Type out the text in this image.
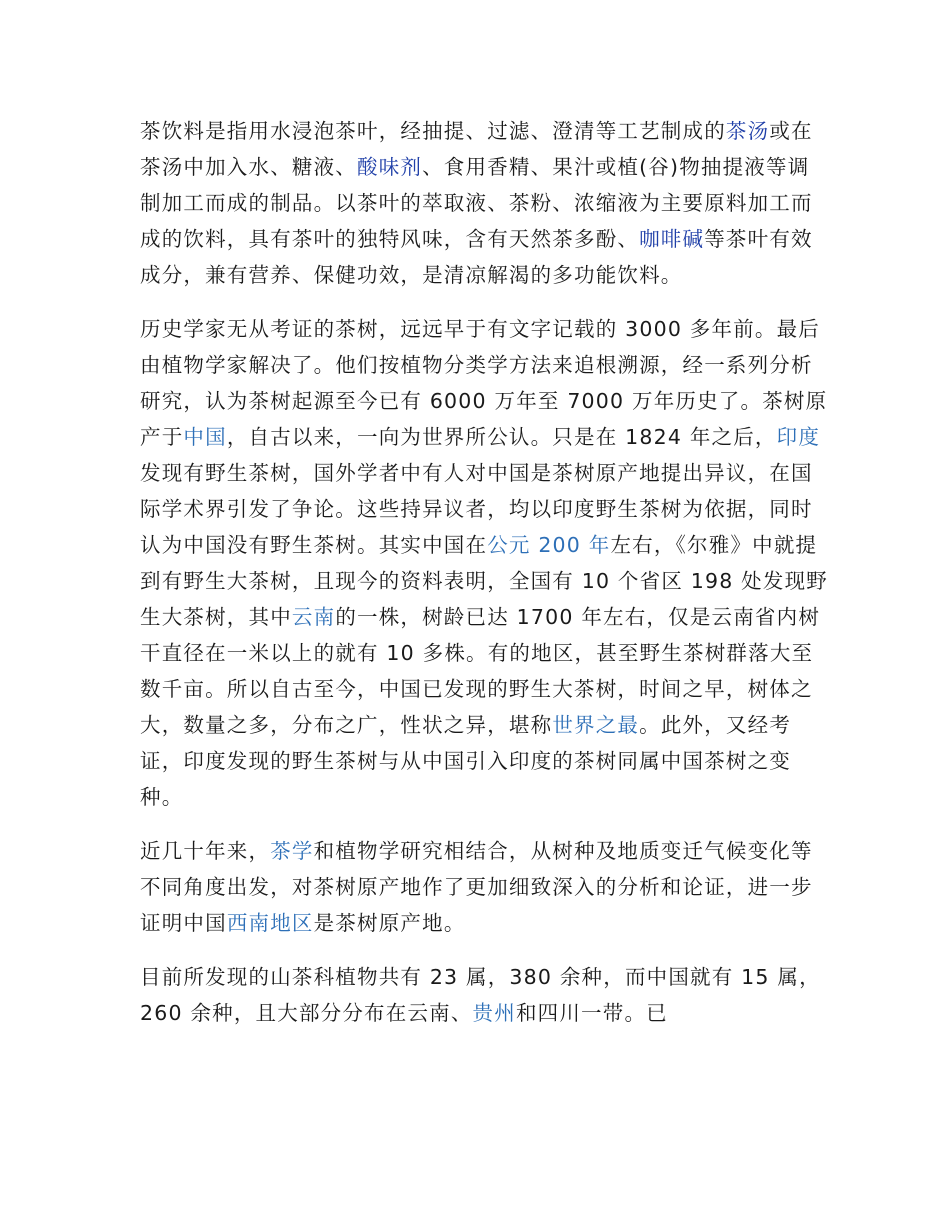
茶饮料是指用水浸泡茶叶，经抽提、过滤、澄清等工艺制成的茶汤或在茶汤中加入水、糖液、酸味剂、食用香精、果汁或植(谷)物抽提液等调制加工而成的制品。以茶叶的萃取液、茶粉、浓缩液为主要原料加工而成的饮料，具有茶叶的独特风味，含有天然茶多酚、咖啡碱等茶叶有效成分，兼有营养、保健功效，是清凉解渴的多功能饮料。

历史学家无从考证的茶树，远远早于有文字记载的 3000 多年前。最后由植物学家解决了。他们按植物分类学方法来追根溯源，经一系列分析研究，认为茶树起源至今已有 6000 万年至 7000 万年历史了。茶树原产于中国，自古以来，一向为世界所公认。只是在 1824 年之后，印度发现有野生茶树，国外学者中有人对中国是茶树原产地提出异议，在国际学术界引发了争论。这些持异议者，均以印度野生茶树为依据，同时认为中国没有野生茶树。其实中国在公元 200 年左右，《尔雅》中就提到有野生大茶树，且现今的资料表明，全国有 10 个省区 198 处发现野生大茶树，其中云南的一株，树龄已达 1700 年左右，仅是云南省内树干直径在一米以上的就有 10 多株。有的地区，甚至野生茶树群落大至数千亩。所以自古至今，中国已发现的野生大茶树，时间之早，树体之大，数量之多，分布之广，性状之异，堪称世界之最。此外，又经考证，印度发现的野生茶树与从中国引入印度的茶树同属中国茶树之变种。

近几十年来，茶学和植物学研究相结合，从树种及地质变迁气候变化等不同角度出发，对茶树原产地作了更加细致深入的分析和论证，进一步证明中国西南地区是茶树原产地。

目前所发现的山茶科植物共有 23 属，380 余种，而中国就有 15 属，260 余种，且大部分分布在云南、贵州和四川一带。已
